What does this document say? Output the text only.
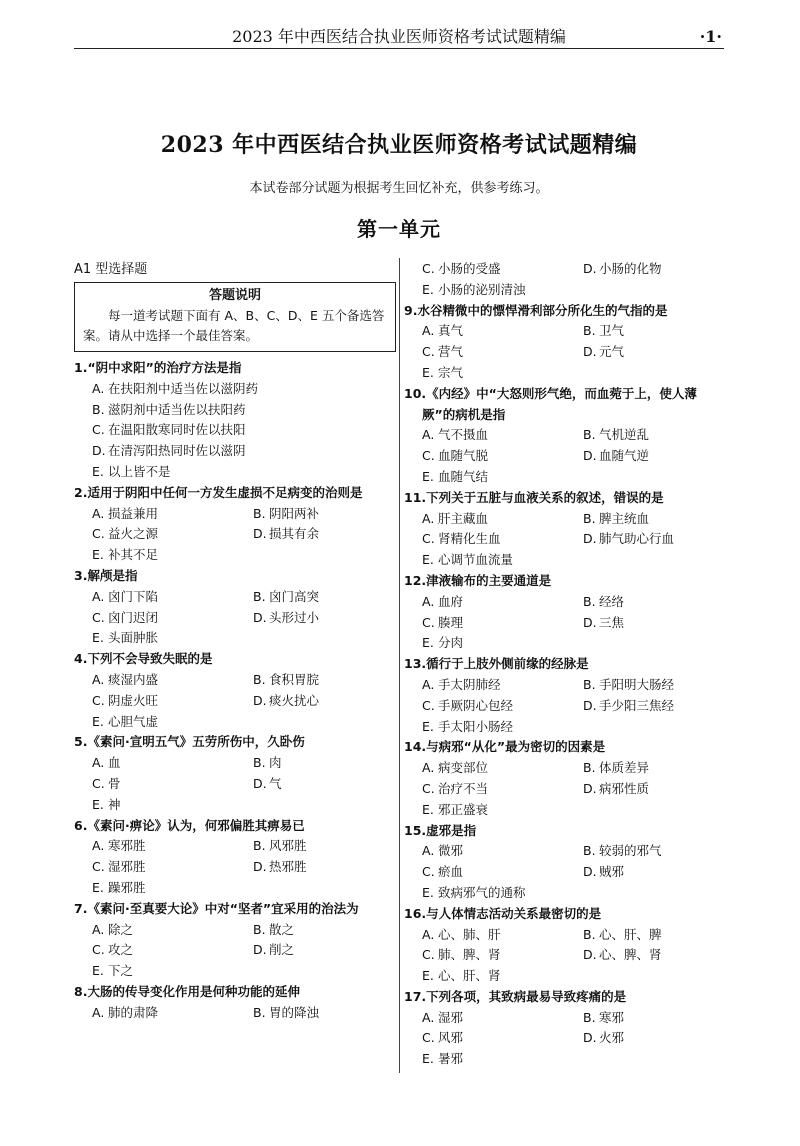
2023 年中西医结合执业医师资格考试试题精编	·1·
2023 年中西医结合执业医师资格考试试题精编
本试卷部分试题为根据考生回忆补充，供参考练习。
第一单元
A1 型选择题
答题说明
每一道考试题下面有 A、B、C、D、E 五个备选答案。请从中选择一个最佳答案。
1.“阴中求阳”的治疗方法是指
A. 在扶阳剂中适当佐以滋阴药
B. 滋阴剂中适当佐以扶阳药
C. 在温阳散寒同时佐以扶阳
D. 在清泻阳热同时佐以滋阴
E. 以上皆不是
2.适用于阴阳中任何一方发生虚损不足病变的治则是
A. 损益兼用	B. 阴阳两补
C. 益火之源	D. 损其有余
E. 补其不足
3.解颅是指
A. 囟门下陷	B. 囟门高突
C. 囟门迟闭	D. 头形过小
E. 头面肿胀
4.下列不会导致失眠的是
A. 痰湿内盛	B. 食积胃脘
C. 阴虚火旺	D. 痰火扰心
E. 心胆气虚
5.《素问·宣明五气》五劳所伤中，久卧伤
A. 血	B. 肉
C. 骨	D. 气
E. 神
6.《素问·痹论》认为，何邪偏胜其痹易已
A. 寒邪胜	B. 风邪胜
C. 湿邪胜	D. 热邪胜
E. 躁邪胜
7.《素问·至真要大论》中对“坚者”宜采用的治法为
A. 除之	B. 散之
C. 攻之	D. 削之
E. 下之
8.大肠的传导变化作用是何种功能的延伸
A. 肺的肃降	B. 胃的降浊
C. 小肠的受盛	D. 小肠的化物
E. 小肠的泌别清浊
9.水谷精微中的慓悍滑利部分所化生的气指的是
A. 真气	B. 卫气
C. 营气	D. 元气
E. 宗气
10.《内经》中“大怒则形气绝，而血菀于上，使人薄厥”的病机是指
A. 气不摄血	B. 气机逆乱
C. 血随气脱	D. 血随气逆
E. 血随气结
11.下列关于五脏与血液关系的叙述，错误的是
A. 肝主藏血	B. 脾主统血
C. 肾精化生血	D. 肺气助心行血
E. 心调节血流量
12.津液输布的主要通道是
A. 血府	B. 经络
C. 腠理	D. 三焦
E. 分肉
13.循行于上肢外侧前缘的经脉是
A. 手太阴肺经	B. 手阳明大肠经
C. 手厥阴心包经	D. 手少阳三焦经
E. 手太阳小肠经
14.与病邪“从化”最为密切的因素是
A. 病变部位	B. 体质差异
C. 治疗不当	D. 病邪性质
E. 邪正盛衰
15.虚邪是指
A. 微邪	B. 较弱的邪气
C. 瘀血	D. 贼邪
E. 致病邪气的通称
16.与人体情志活动关系最密切的是
A. 心、肺、肝	B. 心、肝、脾
C. 肺、脾、肾	D. 心、脾、肾
E. 心、肝、肾
17.下列各项，其致病最易导致疼痛的是
A. 湿邪	B. 寒邪
C. 风邪	D. 火邪
E. 暑邪
